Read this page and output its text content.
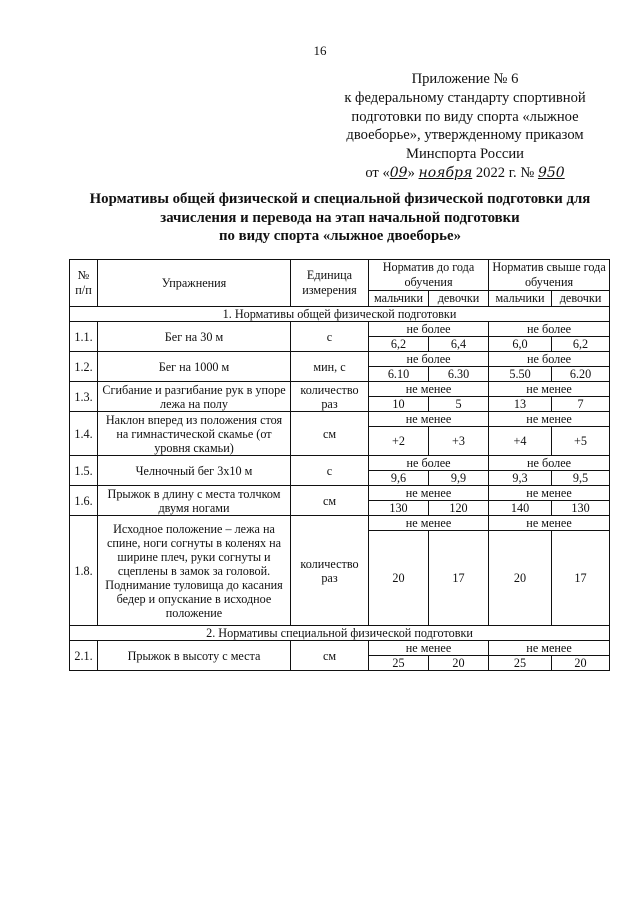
16
Приложение № 6
к федеральному стандарту спортивной
подготовки по виду спорта «лыжное
двоеборье», утвержденному приказом
Минспорта России
от «09» ноября 2022 г. № 950
Нормативы общей физической и специальной физической подготовки для
зачисления и перевода на этап начальной подготовки
по виду спорта «лыжное двоеборье»
№ п/п	Упражнения	Единица измерения	Норматив до года обучения		Норматив свыше года обучения	
			мальчики	девочки	мальчики	девочки
1. Нормативы общей физической подготовки						
1.1.	Бег на 30 м	с	не более		не более	
			6,2	6,4	6,0	6,2
1.2.	Бег на 1000 м	мин, с	не более		не более	
			6.10	6.30	5.50	6.20
1.3.	Сгибание и разгибание рук в упоре лежа на полу	количество раз	не менее		не менее	
			10	5	13	7
1.4.	Наклон вперед из положения стоя на гимнастической скамье (от уровня скамьи)	см	не менее		не менее	
			+2	+3	+4	+5
1.5.	Челночный бег 3х10 м	с	не более		не более	
			9,6	9,9	9,3	9,5
1.6.	Прыжок в длину с места толчком двумя ногами	см	не менее		не менее	
			130	120	140	130
1.8.	Исходное положение – лежа на спине, ноги согнуты в коленях на ширине плеч, руки согнуты и сцеплены в замок за головой. Поднимание туловища до касания бедер и опускание в исходное положение	количество раз	не менее		не менее	
			20	17	20	17
2. Нормативы специальной физической подготовки						
2.1.	Прыжок в высоту с места	см	не менее		не менее	
			25	20	25	20
